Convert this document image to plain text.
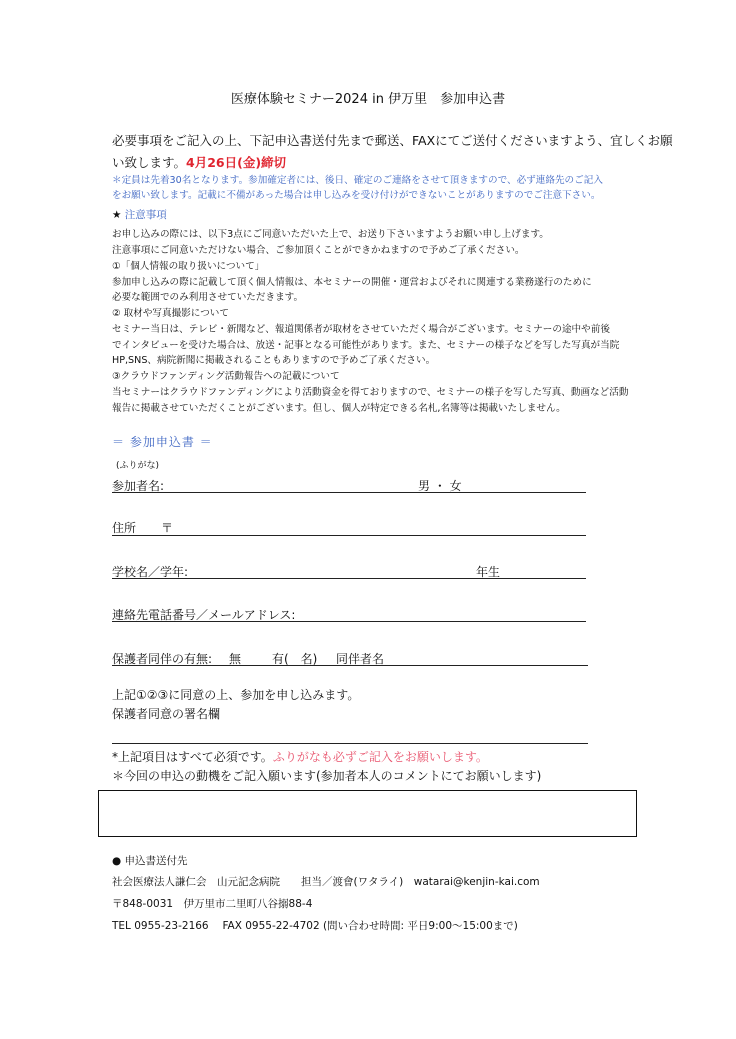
医療体験セミナー2024 in 伊万里　参加申込書
必要事項をご記入の上、下記申込書送付先まで郵送、FAXにてご送付くださいますよう、宜しくお願
い致します。4月26日(金)締切
＊定員は先着30名となります。参加確定者には、後日、確定のご連絡をさせて頂きますので、必ず連絡先のご記入
をお願い致します。記載に不備があった場合は申し込みを受け付けができないことがありますのでご注意下さい。
★ 注意事項
お申し込みの際には、以下3点にご同意いただいた上で、お送り下さいますようお願い申し上げます。
注意事項にご同意いただけない場合、ご参加頂くことができかねますので予めご了承ください。
①「個人情報の取り扱いについて」
参加申し込みの際に記載して頂く個人情報は、本セミナーの開催・運営およびそれに関連する業務遂行のために
必要な範囲でのみ利用させていただきます。
② 取材や写真撮影について
セミナー当日は、テレビ・新聞など、報道関係者が取材をさせていただく場合がございます。セミナーの途中や前後
でインタビューを受けた場合は、放送・記事となる可能性があります。また、セミナーの様子などを写した写真が当院
HP,SNS、病院新聞に掲載されることもありますので予めご了承ください。
③クラウドファンディング活動報告への記載について
当セミナーはクラウドファンディングにより活動資金を得ておりますので、セミナーの様子を写した写真、動画など活動
報告に掲載させていただくことがございます。但し、個人が特定できる名札,名簿等は掲載いたしません。
＝ 参加申込書 ＝
(ふりがな)
参加者名:	男 ・ 女
住所 〒
学校名／学年:	年生
連絡先電話番号／メールアドレス:
保護者同伴の有無: 無	有(　名) 同伴者名
上記①②③に同意の上、参加を申し込みます。
保護者同意の署名欄
*上記項目はすべて必須です。ふりがなも必ずご記入をお願いします。
＊今回の申込の動機をご記入願います(参加者本人のコメントにてお願いします)
● 申込書送付先
社会医療法人謙仁会　山元記念病院　　担当／渡會(ワタライ)　watarai@kenjin-kai.com
〒848-0031　伊万里市二里町八谷搦88-4
TEL 0955-23-2166　 FAX 0955-22-4702 (問い合わせ時間: 平日9:00～15:00まで)
